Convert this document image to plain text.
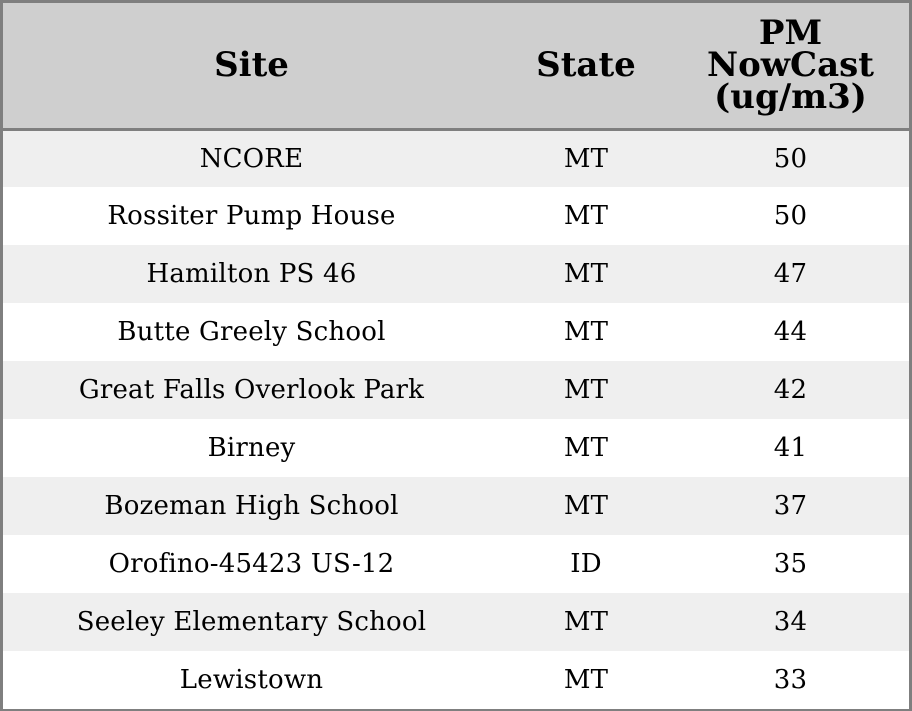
Site	State	PM
NowCast
(ug/m3)

NCORE	MT	50
Rossiter Pump House	MT	50
Hamilton PS 46	MT	47
Butte Greely School	MT	44
Great Falls Overlook Park	MT	42
Birney	MT	41
Bozeman High School	MT	37
Orofino-45423 US-12	ID	35
Seeley Elementary School	MT	34
Lewistown	MT	33
